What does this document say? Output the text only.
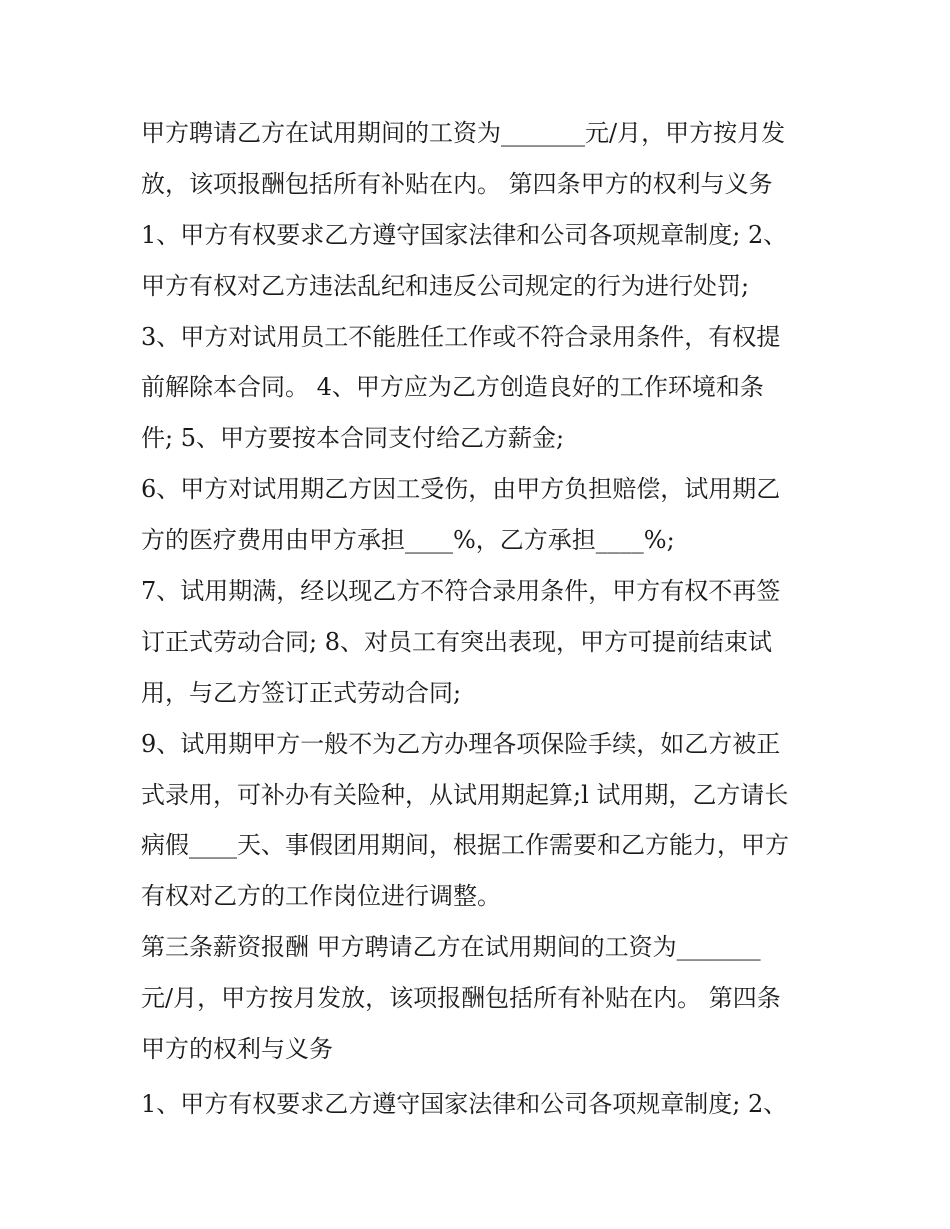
甲方聘请乙方在试用期间的工资为_______元/月，甲方按月发
放，该项报酬包括所有补贴在内。 第四条甲方的权利与义务
1、甲方有权要求乙方遵守国家法律和公司各项规章制度; 2、
甲方有权对乙方违法乱纪和违反公司规定的行为进行处罚;
3、甲方对试用员工不能胜任工作或不符合录用条件，有权提
前解除本合同。 4、甲方应为乙方创造良好的工作环境和条
件; 5、甲方要按本合同支付给乙方薪金;
6、甲方对试用期乙方因工受伤，由甲方负担赔偿，试用期乙
方的医疗费用由甲方承担____%，乙方承担____%;
7、试用期满，经以现乙方不符合录用条件，甲方有权不再签
订正式劳动合同; 8、对员工有突出表现，甲方可提前结束试
用，与乙方签订正式劳动合同;
9、试用期甲方一般不为乙方办理各项保险手续，如乙方被正
式录用，可补办有关险种，从试用期起算;l 试用期，乙方请长
病假____天、事假团用期间，根据工作需要和乙方能力，甲方
有权对乙方的工作岗位进行调整。
第三条薪资报酬 甲方聘请乙方在试用期间的工资为_______
元/月，甲方按月发放，该项报酬包括所有补贴在内。 第四条
甲方的权利与义务
1、甲方有权要求乙方遵守国家法律和公司各项规章制度; 2、
